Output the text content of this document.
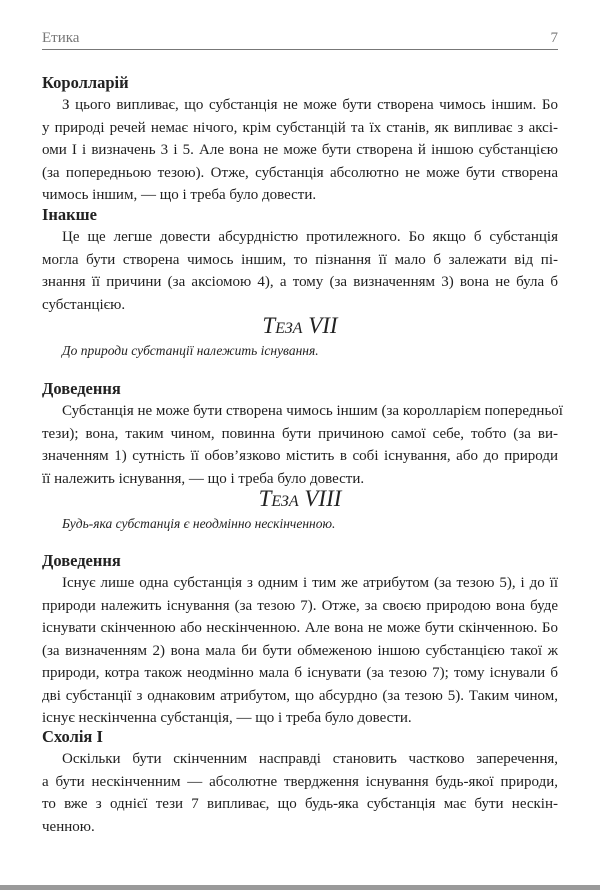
Етика	7
Королларій
З цього випливає, що субстанція не може бути створена чимось іншим. Бо
у природі речей немає нічого, крім субстанцій та їх станів, як випливає з аксі-
оми I і визначень 3 і 5. Але вона не може бути створена й іншою субстанцією
(за попередньою тезою). Отже, субстанція абсолютно не може бути створена
чимось іншим, — що і треба було довести.
Інакше
Це ще легше довести абсурдністю протилежного. Бо якщо б субстанція
могла бути створена чимось іншим, то пізнання її мало б залежати від пі-
знання її причини (за аксіомою 4), а тому (за визначенням 3) вона не була б
субстанцією.
Теза VII
До природи субстанції належить існування.
Доведення
Субстанція не може бути створена чимось іншим (за королларієм попередньої
тези); вона, таким чином, повинна бути причиною самої себе, тобто (за ви-
значенням 1) сутність її обов’язково містить в собі існування, або до природи
її належить існування, — що і треба було довести.
Теза VIII
Будь-яка субстанція є неодмінно нескінченною.
Доведення
Існує лише одна субстанція з одним і тим же атрибутом (за тезою 5), і до її
природи належить існування (за тезою 7). Отже, за своєю природою вона буде
існувати скінченною або нескінченною. Але вона не може бути скінченною. Бо
(за визначенням 2) вона мала би бути обмеженою іншою субстанцією такої ж
природи, котра також неодмінно мала б існувати (за тезою 7); тому існували б
дві субстанції з однаковим атрибутом, що абсурдно (за тезою 5). Таким чином,
існує нескінченна субстанція, — що і треба було довести.
Схолія I
Оскільки бути скінченним насправді становить частково заперечення,
а бути нескінченним — абсолютне твердження існування будь-якої природи,
то вже з однієї тези 7 випливає, що будь-яка субстанція має бути нескін-
ченною.
